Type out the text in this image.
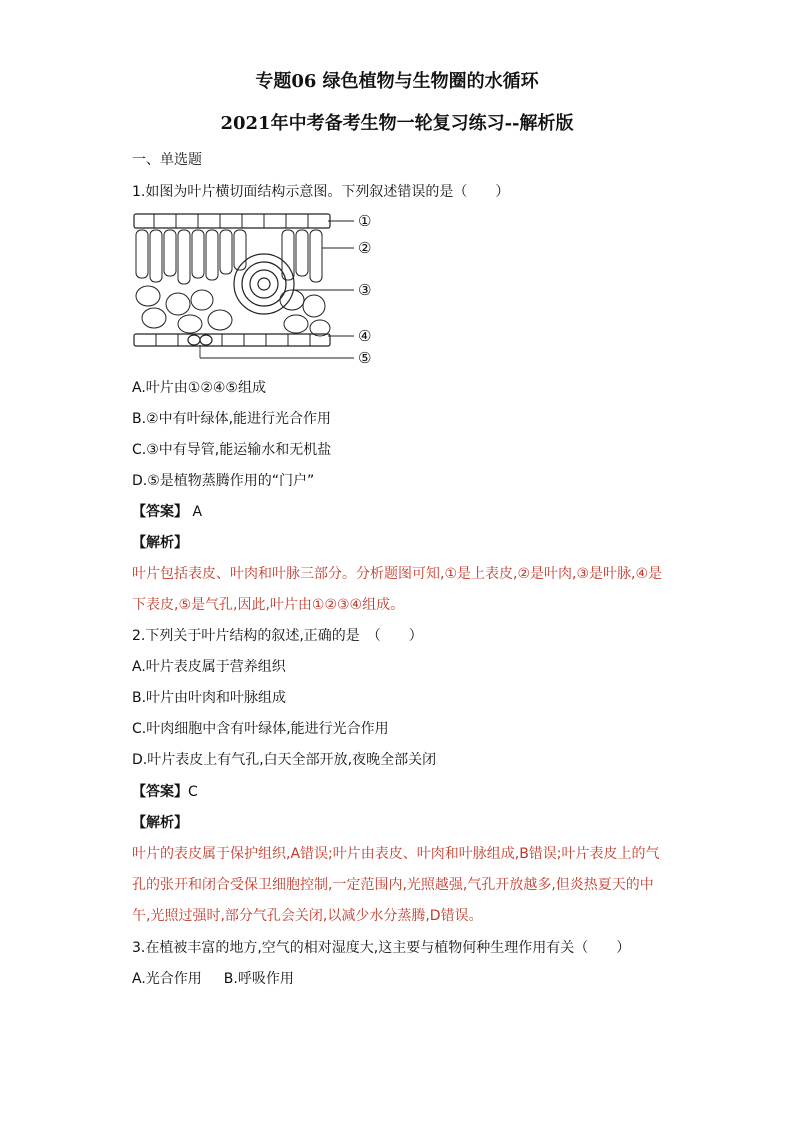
专题06 绿色植物与生物圈的水循环
2021年中考备考生物一轮复习练习--解析版
一、单选题
1.如图为叶片横切面结构示意图。下列叙述错误的是（　　）
①
②
③
④
⑤
A.叶片由①②④⑤组成
B.②中有叶绿体,能进行光合作用
C.③中有导管,能运输水和无机盐
D.⑤是植物蒸腾作用的“门户”
【答案】 A
【解析】
叶片包括表皮、叶肉和叶脉三部分。分析题图可知,①是上表皮,②是叶肉,③是叶脉,④是
下表皮,⑤是气孔,因此,叶片由①②③④组成。
2.下列关于叶片结构的叙述,正确的是　（　　）
A.叶片表皮属于营养组织
B.叶片由叶肉和叶脉组成
C.叶肉细胞中含有叶绿体,能进行光合作用
D.叶片表皮上有气孔,白天全部开放,夜晚全部关闭
【答案】C
【解析】
叶片的表皮属于保护组织,A错误;叶片由表皮、叶肉和叶脉组成,B错误;叶片表皮上的气
孔的张开和闭合受保卫细胞控制,一定范围内,光照越强,气孔开放越多,但炎热夏天的中
午,光照过强时,部分气孔会关闭,以减少水分蒸腾,D错误。
3.在植被丰富的地方,空气的相对湿度大,这主要与植物何种生理作用有关（　　）
A.光合作用 B.呼吸作用
